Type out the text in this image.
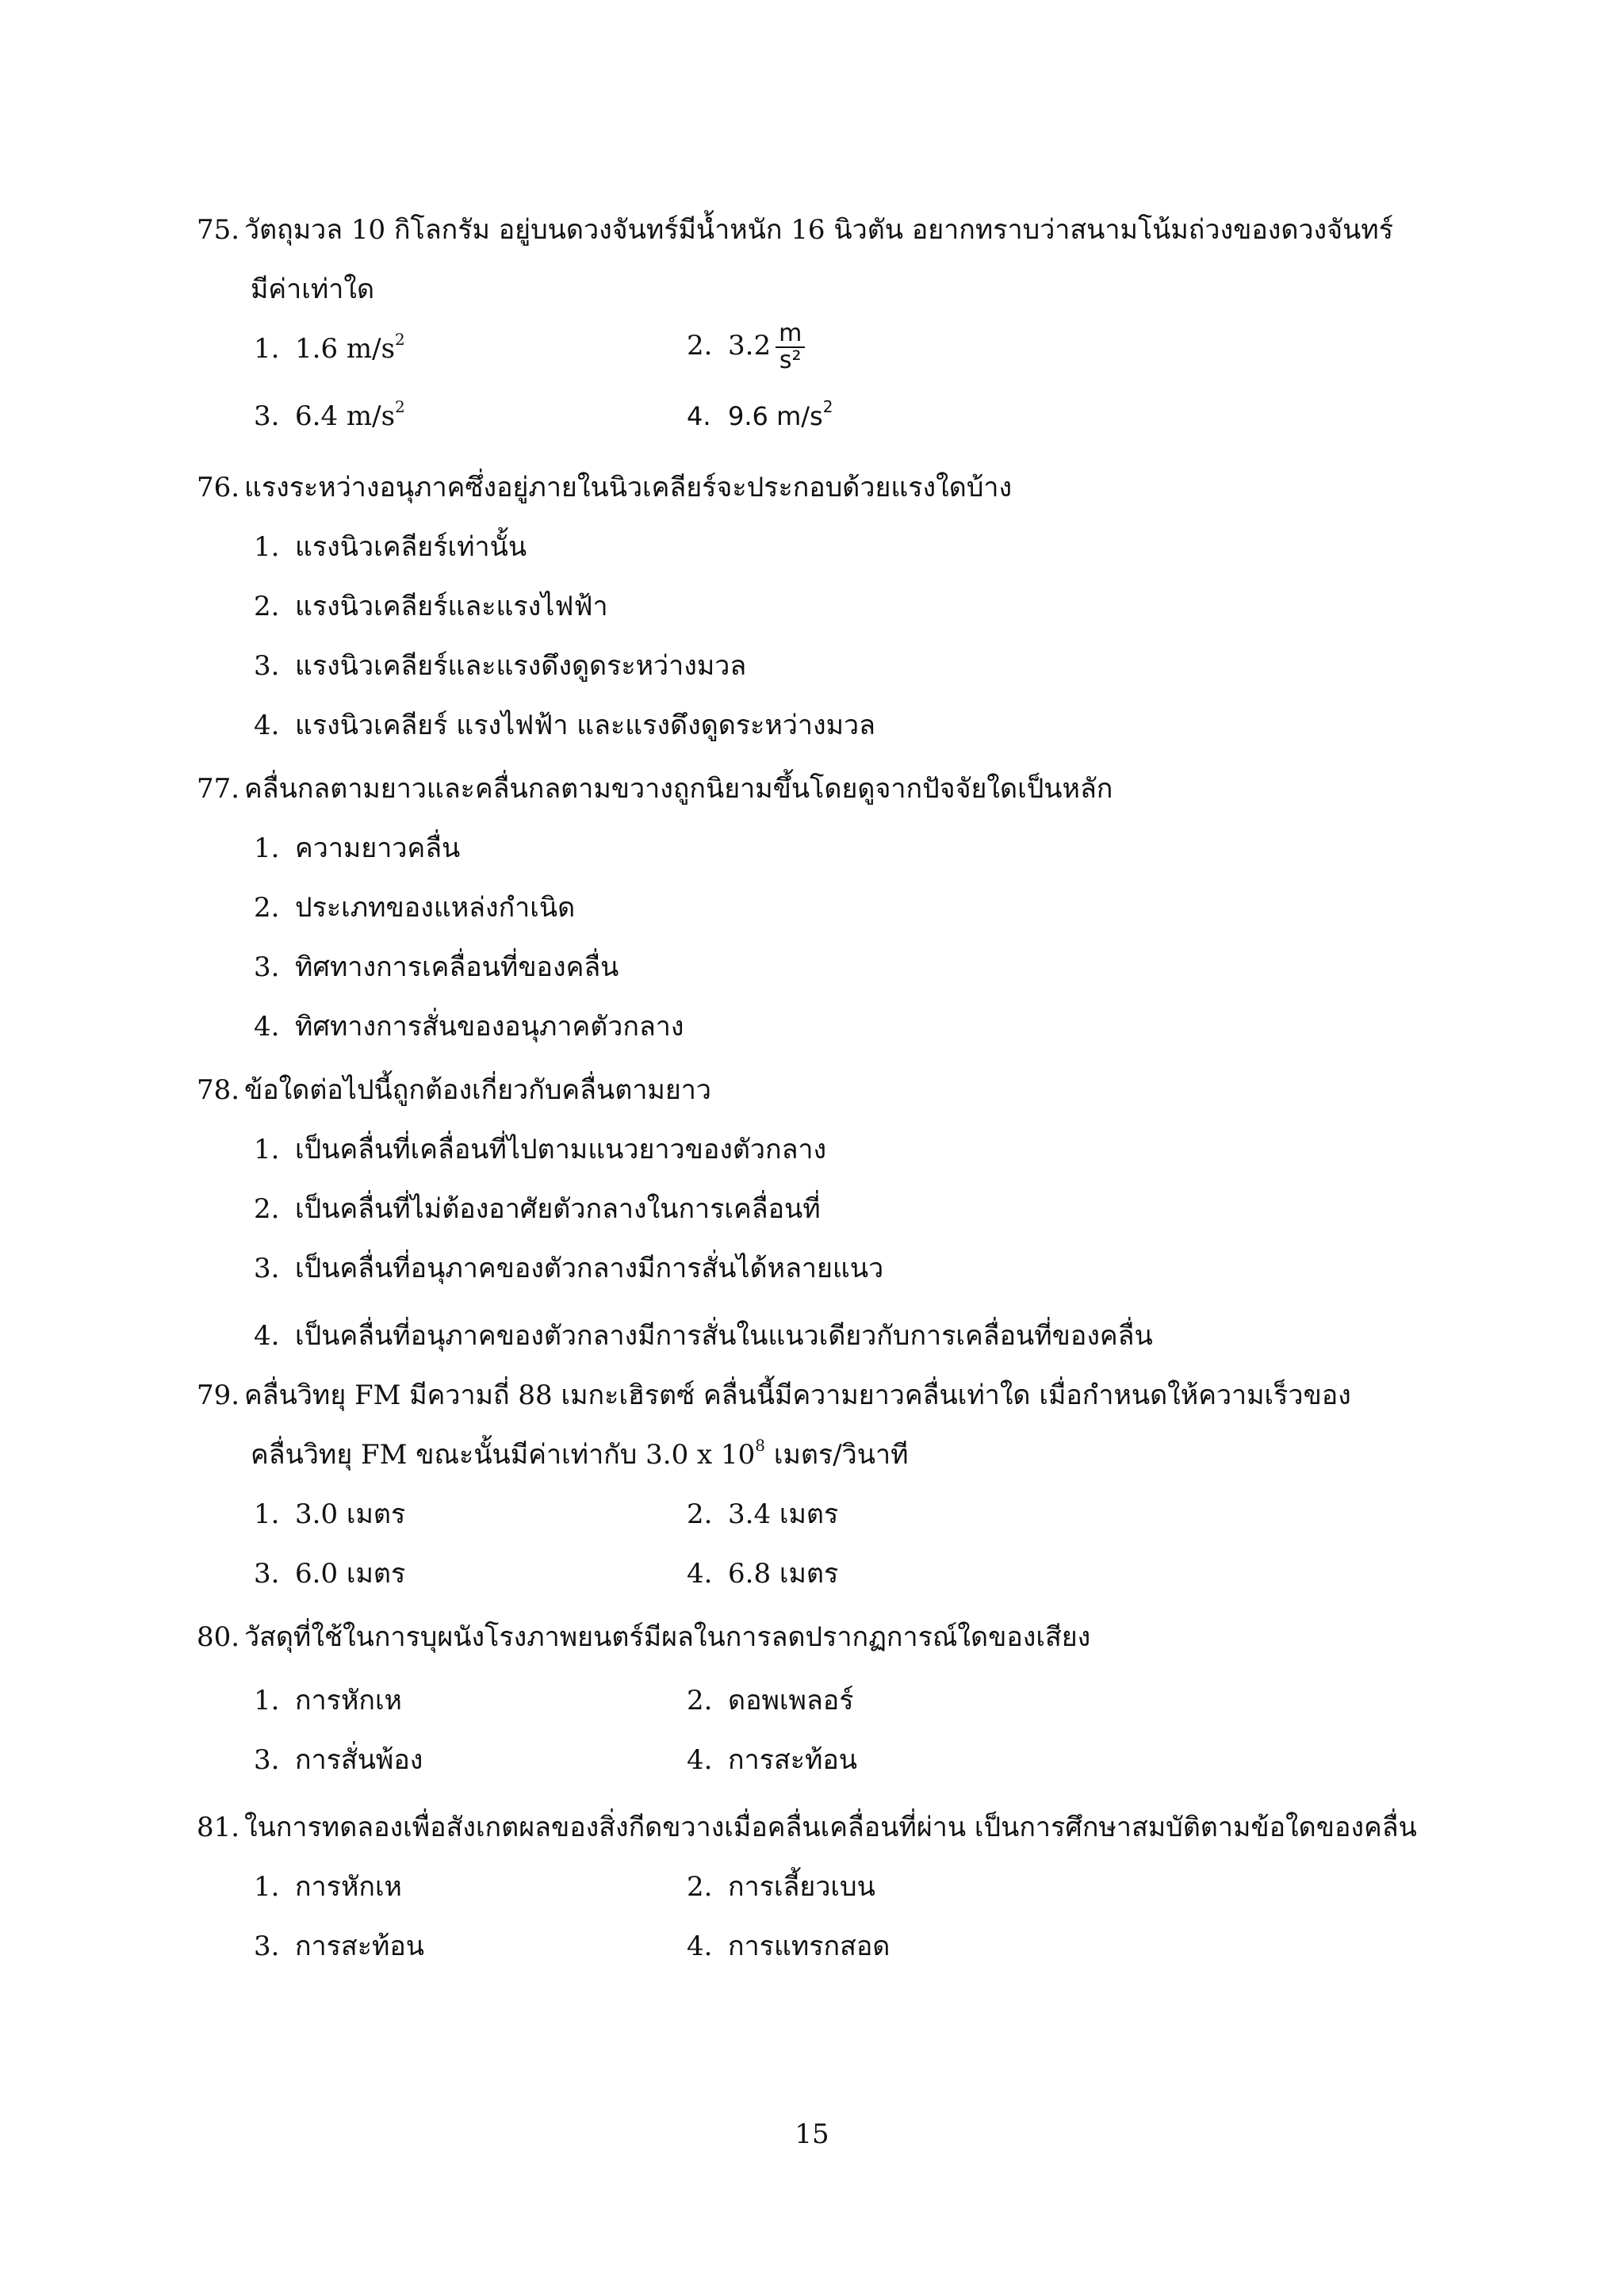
75. วัตถุมวล 10 กิโลกรัม อยู่บนดวงจันทร์มีน้ำหนัก 16 นิวตัน อยากทราบว่าสนามโน้มถ่วงของดวงจันทร์
มีค่าเท่าใด
1. 1.6 $m/s^2$	2. $3.2 \frac{m}{\text{s²}}$
3. 6.4 $m/s^2$	4. 9.6 $m/s^2$
76. แรงระหว่างอนุภาคซึ่งอยู่ภายในนิวเคลียร์จะประกอบด้วยแรงใดบ้าง
1. แรงนิวเคลียร์เท่านั้น
2. แรงนิวเคลียร์และแรงไฟฟ้า
3. แรงนิวเคลียร์และแรงดึงดูดระหว่างมวล
4. แรงนิวเคลียร์ แรงไฟฟ้า และแรงดึงดูดระหว่างมวล
77. คลื่นกลตามยาวและคลื่นกลตามขวางถูกนิยามขึ้นโดยดูจากปัจจัยใดเป็นหลัก
1. ความยาวคลื่น
2. ประเภทของแหล่งกำเนิด
3. ทิศทางการเคลื่อนที่ของคลื่น
4. ทิศทางการสั่นของอนุภาคตัวกลาง
78. ข้อใดต่อไปนี้ถูกต้องเกี่ยวกับคลื่นตามยาว
1. เป็นคลื่นที่เคลื่อนที่ไปตามแนวยาวของตัวกลาง
2. เป็นคลื่นที่ไม่ต้องอาศัยตัวกลางในการเคลื่อนที่
3. เป็นคลื่นที่อนุภาคของตัวกลางมีการสั่นได้หลายแนว
4. เป็นคลื่นที่อนุภาคของตัวกลางมีการสั่นในแนวเดียวกับการเคลื่อนที่ของคลื่น
79. คลื่นวิทยุ FM มีความถี่ 88 เมกะเฮิรตซ์ คลื่นนี้มีความยาวคลื่นเท่าใด เมื่อกำหนดให้ความเร็วของ
คลื่นวิทยุ FM ขณะนั้นมีค่าเท่ากับ 3.0 x $10^8$ เมตร/วินาที
1. 3.0 เมตร	2. 3.4 เมตร
3. 6.0 เมตร	4. 6.8 เมตร
80. วัสดุที่ใช้ในการบุผนังโรงภาพยนตร์มีผลในการลดปรากฏการณ์ใดของเสียง
1. การหักเห	2. ดอพเพลอร์
3. การสั่นพ้อง	4. การสะท้อน
81. ในการทดลองเพื่อสังเกตผลของสิ่งกีดขวางเมื่อคลื่นเคลื่อนที่ผ่าน เป็นการศึกษาสมบัติตามข้อใดของคลื่น
1. การหักเห	2. การเลี้ยวเบน
3. การสะท้อน	4. การแทรกสอด
15
